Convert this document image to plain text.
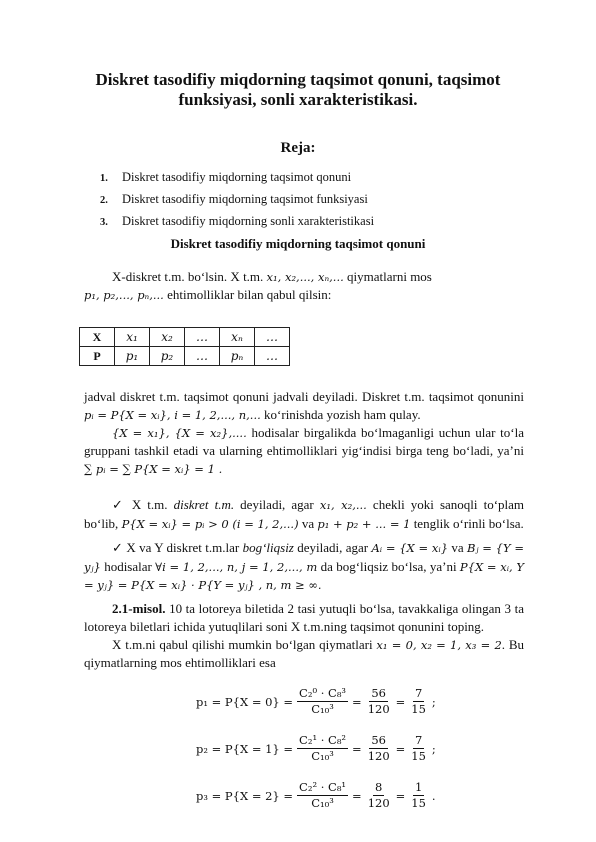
Diskret tasodifiy miqdorning taqsimot qonuni, taqsimot funksiyasi, sonli xarakteristikasi.
Reja:
1. Diskret tasodifiy miqdorning taqsimot qonuni
2. Diskret tasodifiy miqdorning taqsimot funksiyasi
3. Diskret tasodifiy miqdorning sonli xarakteristikasi
Diskret tasodifiy miqdorning taqsimot qonuni
X-diskret t.m. bo‘lsin. X t.m. x₁, x₂,..., xₙ,... qiymatlarni mos
p₁, p₂,..., pₙ,... ehtimolliklar bilan qabul qilsin:
X	x₁	x₂	…	xₙ	…
P	p₁	p₂	…	pₙ	…
jadval diskret t.m. taqsimot qonuni jadvali deyiladi. Diskret t.m. taqsimot qonunini pᵢ = P{X = xᵢ}, i = 1, 2,..., n,... ko‘rinishda yozish ham qulay.
{X = x₁}, {X = x₂},.... hodisalar birgalikda bo‘lmaganligi uchun ular to‘la gruppani tashkil etadi va ularning ehtimolliklari yig‘indisi birga teng bo‘ladi, ya’ni ∑ pᵢ = ∑ P{X = xᵢ} = 1 .
✓ X t.m. diskret t.m. deyiladi, agar x₁, x₂,... chekli yoki sanoqli to‘plam bo‘lib, P{X = xᵢ} = pᵢ > 0 (i = 1, 2,...) va p₁ + p₂ + ... = 1 tenglik o‘rinli bo‘lsa.
✓ X va Y diskret t.m.lar bog‘liqsiz deyiladi, agar Aᵢ = {X = xᵢ} va Bⱼ = {Y = yⱼ} hodisalar ∀i = 1, 2,..., n, j = 1, 2,..., m da bog‘liqsiz bo‘lsa, ya’ni P{X = xᵢ, Y = yⱼ} = P{X = xᵢ} · P{Y = yⱼ} , n, m ≥ ∞.
2.1-misol. 10 ta lotoreya biletida 2 tasi yutuqli bo‘lsa, tavakkaliga olingan 3 ta lotoreya biletlari ichida yutuqlilari soni X t.m.ning taqsimot qonunini toping.
X t.m.ni qabul qilishi mumkin bo‘lgan qiymatlari x₁ = 0, x₂ = 1, x₃ = 2. Bu qiymatlarning mos ehtimolliklari esa
$p_1 = P\{X = 0\} = \frac{\text{C₂⁰ · C₈³}}{\text{C₁₀³}} = \frac{56}{120} = \frac{7}{15}$ ;
$p_2 = P\{X = 1\} = \frac{\text{C₂¹ · C₈²}}{\text{C₁₀³}} = \frac{56}{120} = \frac{7}{15}$ ;
$p_3 = P\{X = 2\} = \frac{\text{C₂² · C₈¹}}{\text{C₁₀³}} = \frac{8}{120} = \frac{1}{15}$ .
